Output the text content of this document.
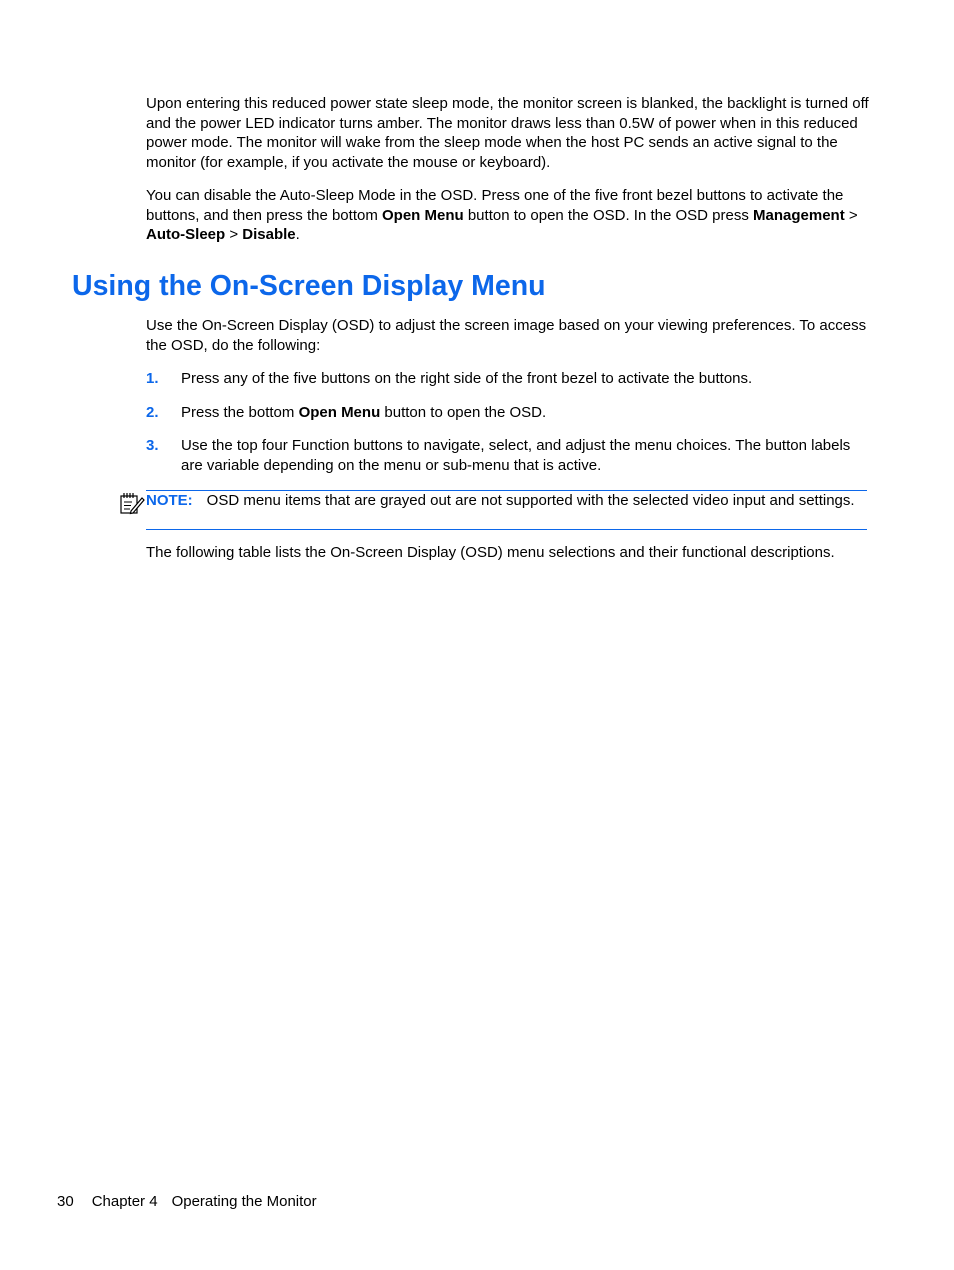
Upon entering this reduced power state sleep mode, the monitor screen is blanked, the backlight is turned off and the power LED indicator turns amber. The monitor draws less than 0.5W of power when in this reduced power mode. The monitor will wake from the sleep mode when the host PC sends an active signal to the monitor (for example, if you activate the mouse or keyboard).

You can disable the Auto-Sleep Mode in the OSD. Press one of the five front bezel buttons to activate the buttons, and then press the bottom Open Menu button to open the OSD. In the OSD press Management > Auto-Sleep > Disable.

Using the On-Screen Display Menu

Use the On-Screen Display (OSD) to adjust the screen image based on your viewing preferences. To access the OSD, do the following:

1. Press any of the five buttons on the right side of the front bezel to activate the buttons.
2. Press the bottom Open Menu button to open the OSD.
3. Use the top four Function buttons to navigate, select, and adjust the menu choices. The button labels are variable depending on the menu or sub-menu that is active.
NOTE: OSD menu items that are grayed out are not supported with the selected video input and settings.

The following table lists the On-Screen Display (OSD) menu selections and their functional descriptions.

30 Chapter 4 Operating the Monitor
